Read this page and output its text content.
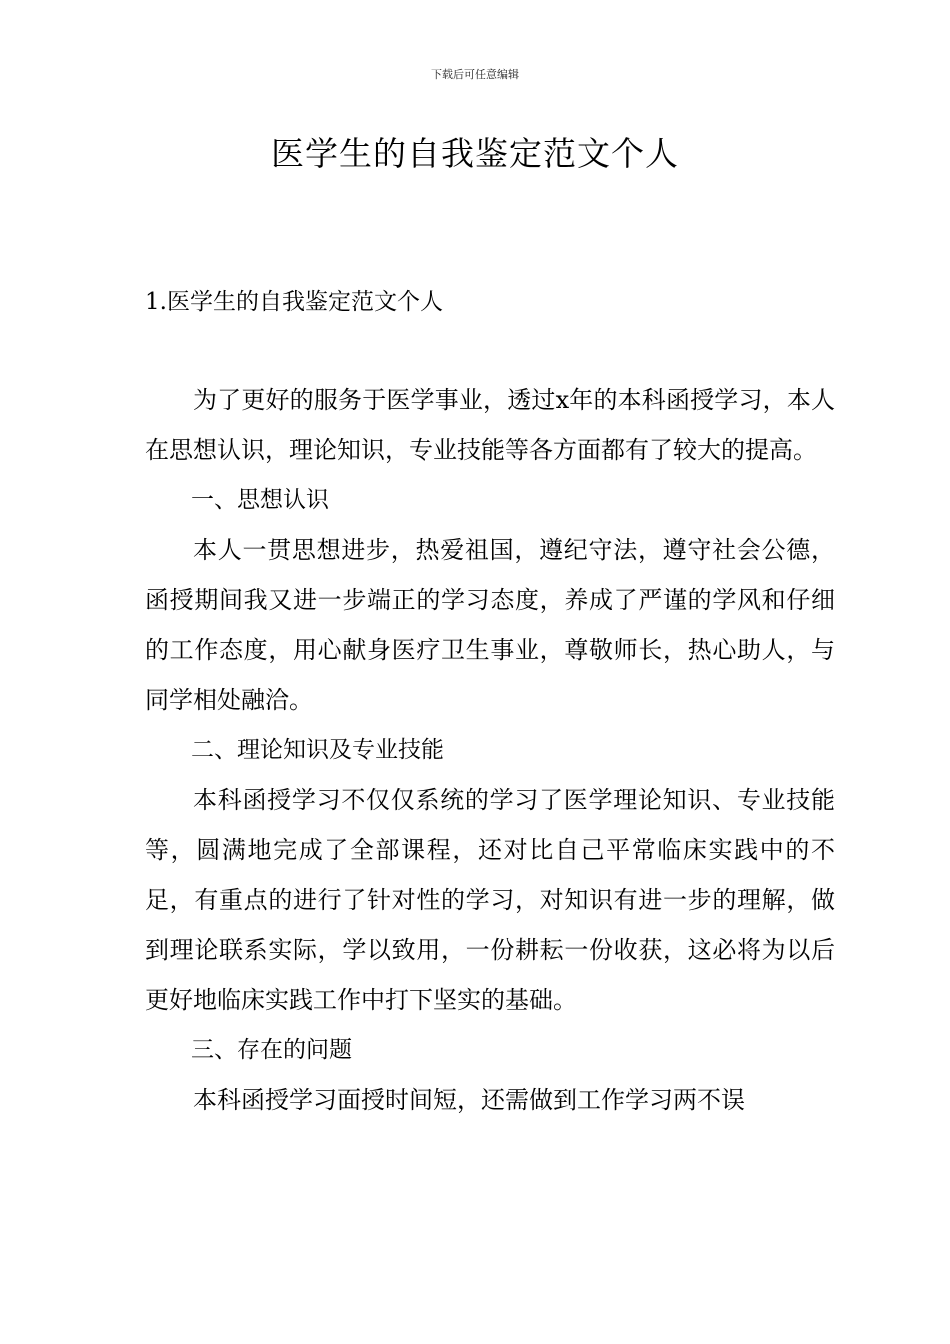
下载后可任意编辑
医学生的自我鉴定范文个人
1.医学生的自我鉴定范文个人

为了更好的服务于医学事业，透过x年的本科函授学习，本人在思想认识，理论知识，专业技能等各方面都有了较大的提高。

一、思想认识

本人一贯思想进步，热爱祖国，遵纪守法，遵守社会公德，函授期间我又进一步端正的学习态度，养成了严谨的学风和仔细的工作态度，用心献身医疗卫生事业，尊敬师长，热心助人，与同学相处融洽。

二、理论知识及专业技能

本科函授学习不仅仅系统的学习了医学理论知识、专业技能等，圆满地完成了全部课程，还对比自己平常临床实践中的不足，有重点的进行了针对性的学习，对知识有进一步的理解，做到理论联系实际，学以致用，一份耕耘一份收获，这必将为以后更好地临床实践工作中打下坚实的基础。

三、存在的问题

本科函授学习面授时间短，还需做到工作学习两不误
